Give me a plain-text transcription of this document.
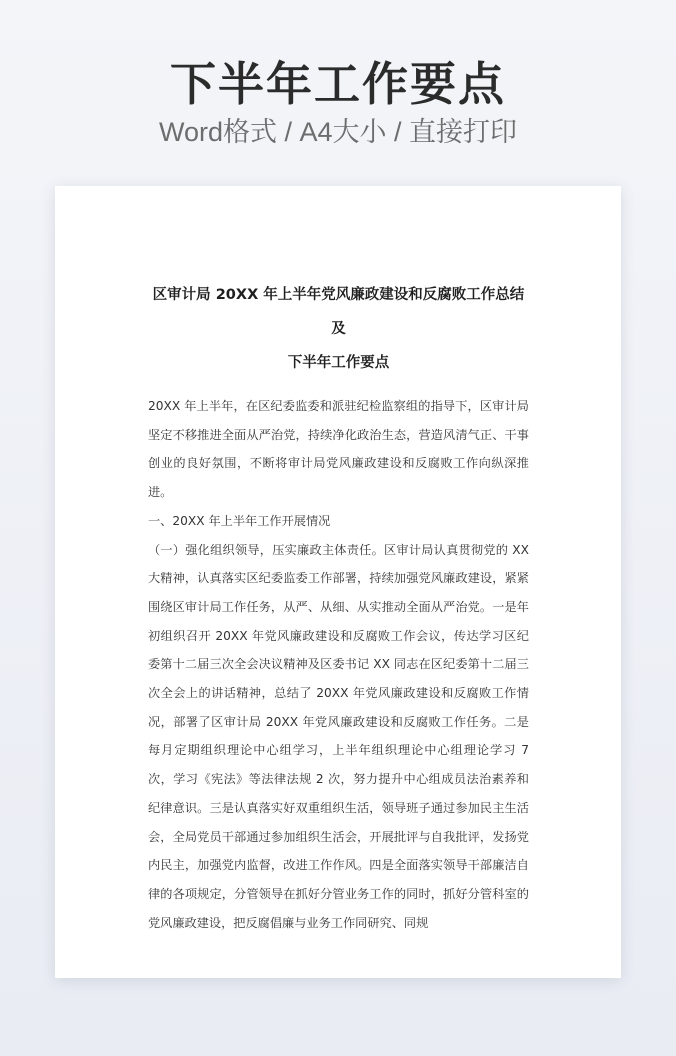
下半年工作要点
Word格式 / A4大小 / 直接打印
区审计局 20XX 年上半年党风廉政建设和反腐败工作总结及
下半年工作要点

20XX 年上半年，在区纪委监委和派驻纪检监察组的指导下，区审计局坚定不移推进全面从严治党，持续净化政治生态，营造风清气正、干事创业的良好氛围，不断将审计局党风廉政建设和反腐败工作向纵深推进。

一、20XX 年上半年工作开展情况

（一）强化组织领导，压实廉政主体责任。区审计局认真贯彻党的 XX 大精神，认真落实区纪委监委工作部署，持续加强党风廉政建设，紧紧围绕区审计局工作任务，从严、从细、从实推动全面从严治党。一是年初组织召开 20XX 年党风廉政建设和反腐败工作会议，传达学习区纪委第十二届三次全会决议精神及区委书记 XX 同志在区纪委第十二届三次全会上的讲话精神，总结了 20XX 年党风廉政建设和反腐败工作情况，部署了区审计局 20XX 年党风廉政建设和反腐败工作任务。二是每月定期组织理论中心组学习，上半年组织理论中心组理论学习 7 次，学习《宪法》等法律法规 2 次，努力提升中心组成员法治素养和纪律意识。三是认真落实好双重组织生活，领导班子通过参加民主生活会，全局党员干部通过参加组织生活会，开展批评与自我批评，发扬党内民主，加强党内监督，改进工作作风。四是全面落实领导干部廉洁自律的各项规定，分管领导在抓好分管业务工作的同时，抓好分管科室的党风廉政建设，把反腐倡廉与业务工作同研究、同规
